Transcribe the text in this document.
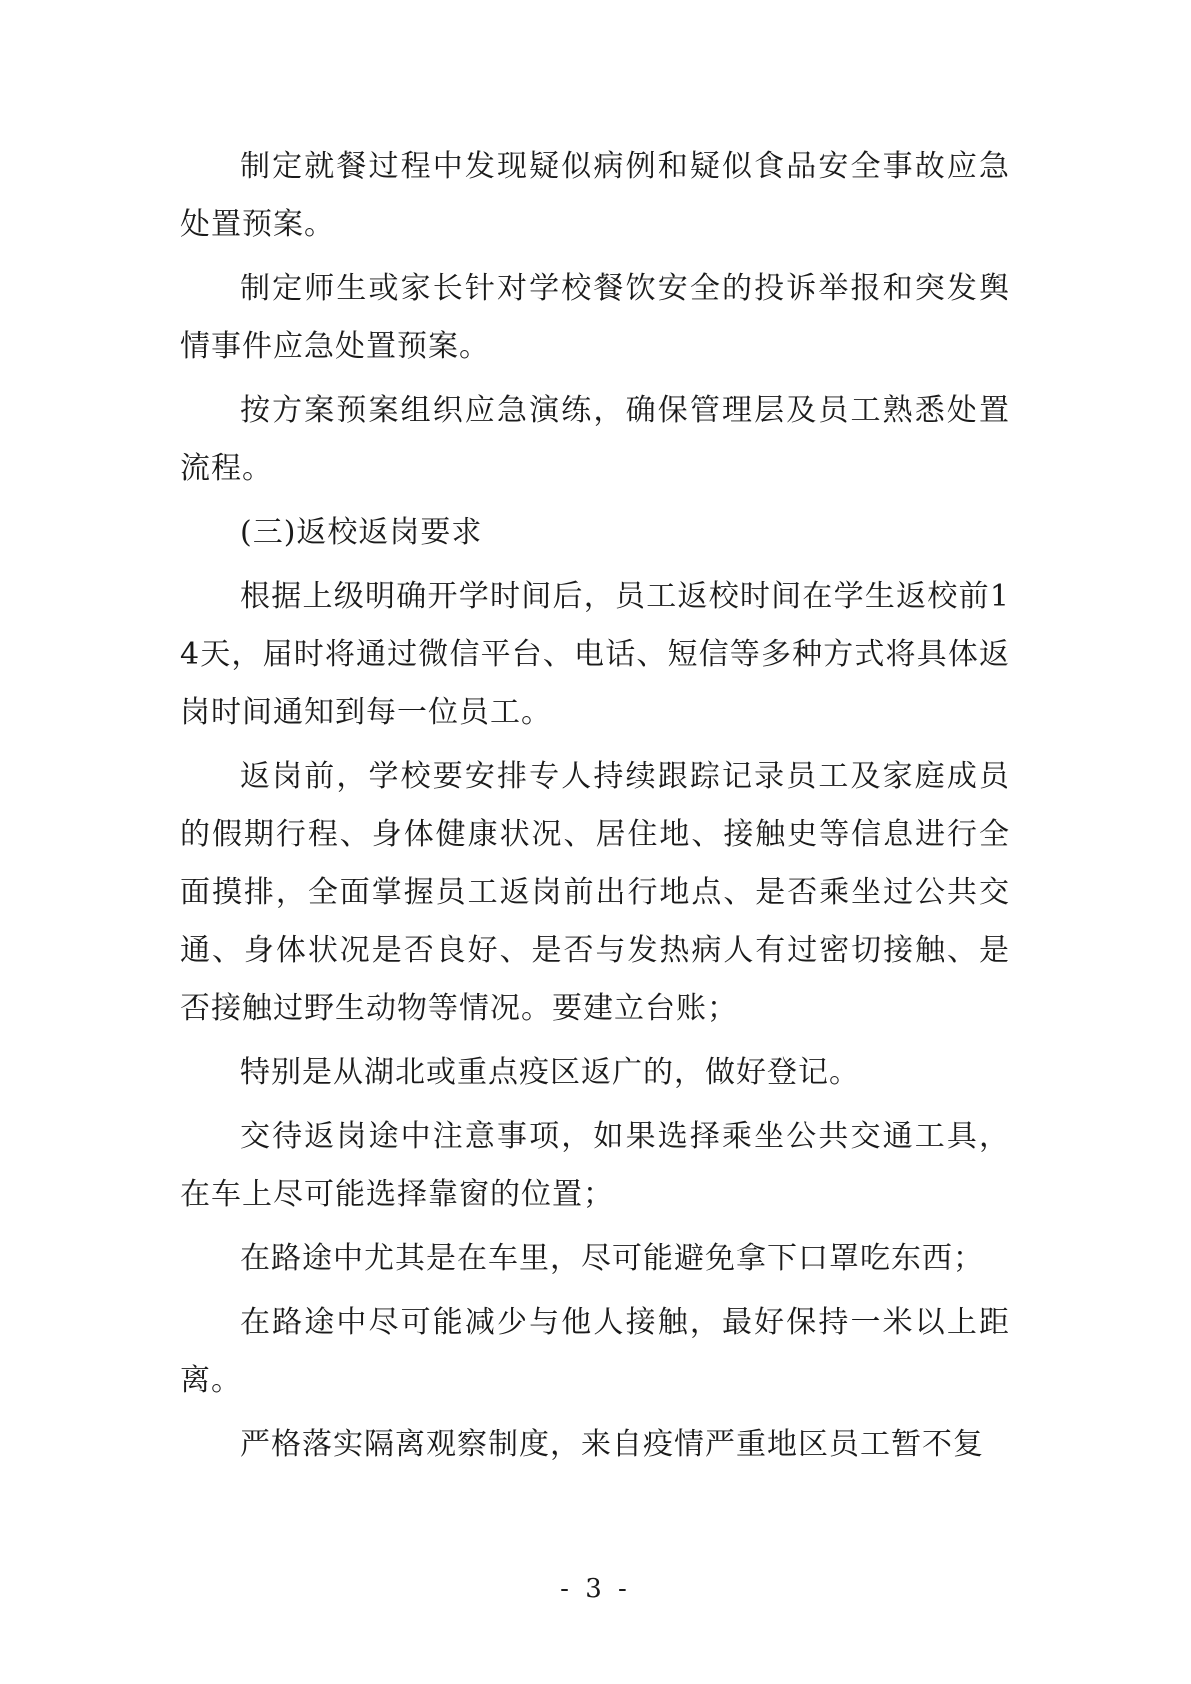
制定就餐过程中发现疑似病例和疑似食品安全事故应急处置预案。

制定师生或家长针对学校餐饮安全的投诉举报和突发舆情事件应急处置预案。

按方案预案组织应急演练，确保管理层及员工熟悉处置流程。

(三)返校返岗要求

根据上级明确开学时间后，员工返校时间在学生返校前14天，届时将通过微信平台、电话、短信等多种方式将具体返岗时间通知到每一位员工。

返岗前，学校要安排专人持续跟踪记录员工及家庭成员的假期行程、身体健康状况、居住地、接触史等信息进行全面摸排，全面掌握员工返岗前出行地点、是否乘坐过公共交通、身体状况是否良好、是否与发热病人有过密切接触、是否接触过野生动物等情况。要建立台账；

特别是从湖北或重点疫区返广的，做好登记。

交待返岗途中注意事项，如果选择乘坐公共交通工具，在车上尽可能选择靠窗的位置；

在路途中尤其是在车里，尽可能避免拿下口罩吃东西；

在路途中尽可能减少与他人接触，最好保持一米以上距离。

严格落实隔离观察制度，来自疫情严重地区员工暂不复

- 3 -
